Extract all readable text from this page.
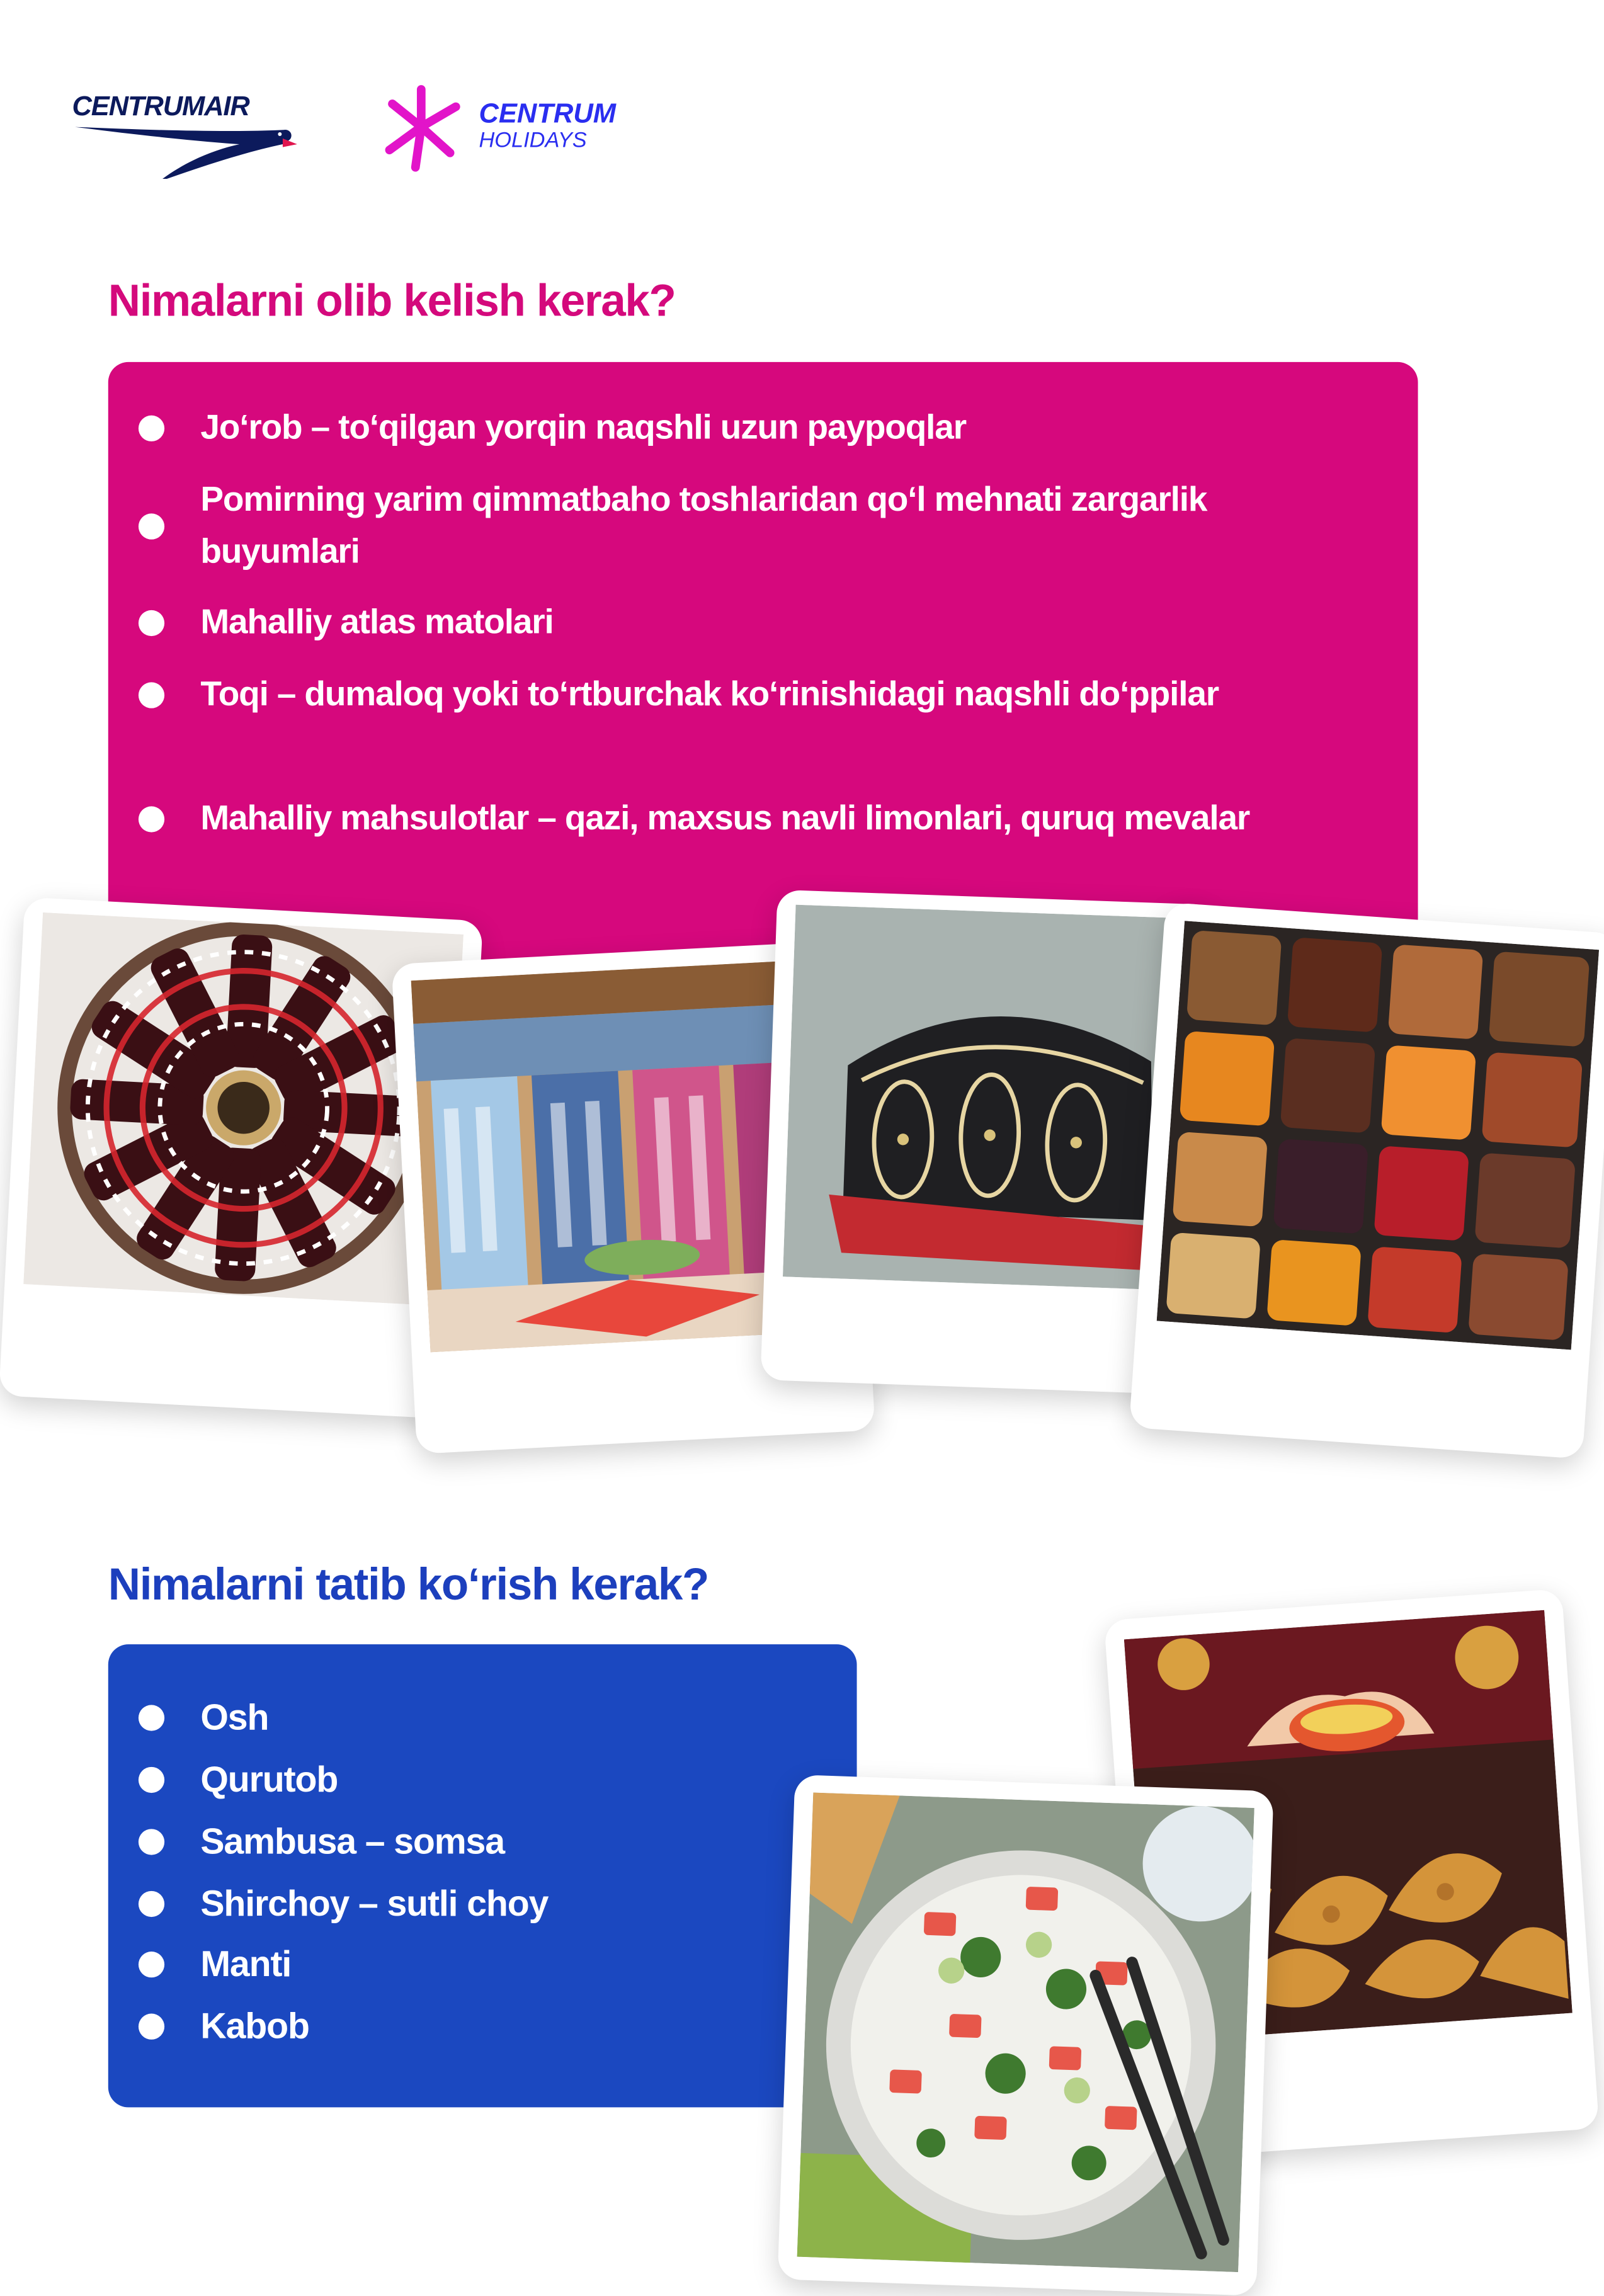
CENTRUMAIR	CENTRUM
HOLIDAYS
Nimalarni olib kelish kerak?
Jo‘rob – to‘qilgan yorqin naqshli uzun paypoqlar
Pomirning yarim qimmatbaho toshlaridan qo‘l mehnati zargarlik buyumlari
Mahalliy atlas matolari
Toqi – dumaloq yoki to‘rtburchak ko‘rinishidagi naqshli do‘ppilar
Mahalliy mahsulotlar – qazi, maxsus navli limonlari, quruq mevalar
Nimalarni tatib ko‘rish kerak?
Osh
Qurutob
Sambusa – somsa
Shirchoy – sutli choy
Manti
Kabob
